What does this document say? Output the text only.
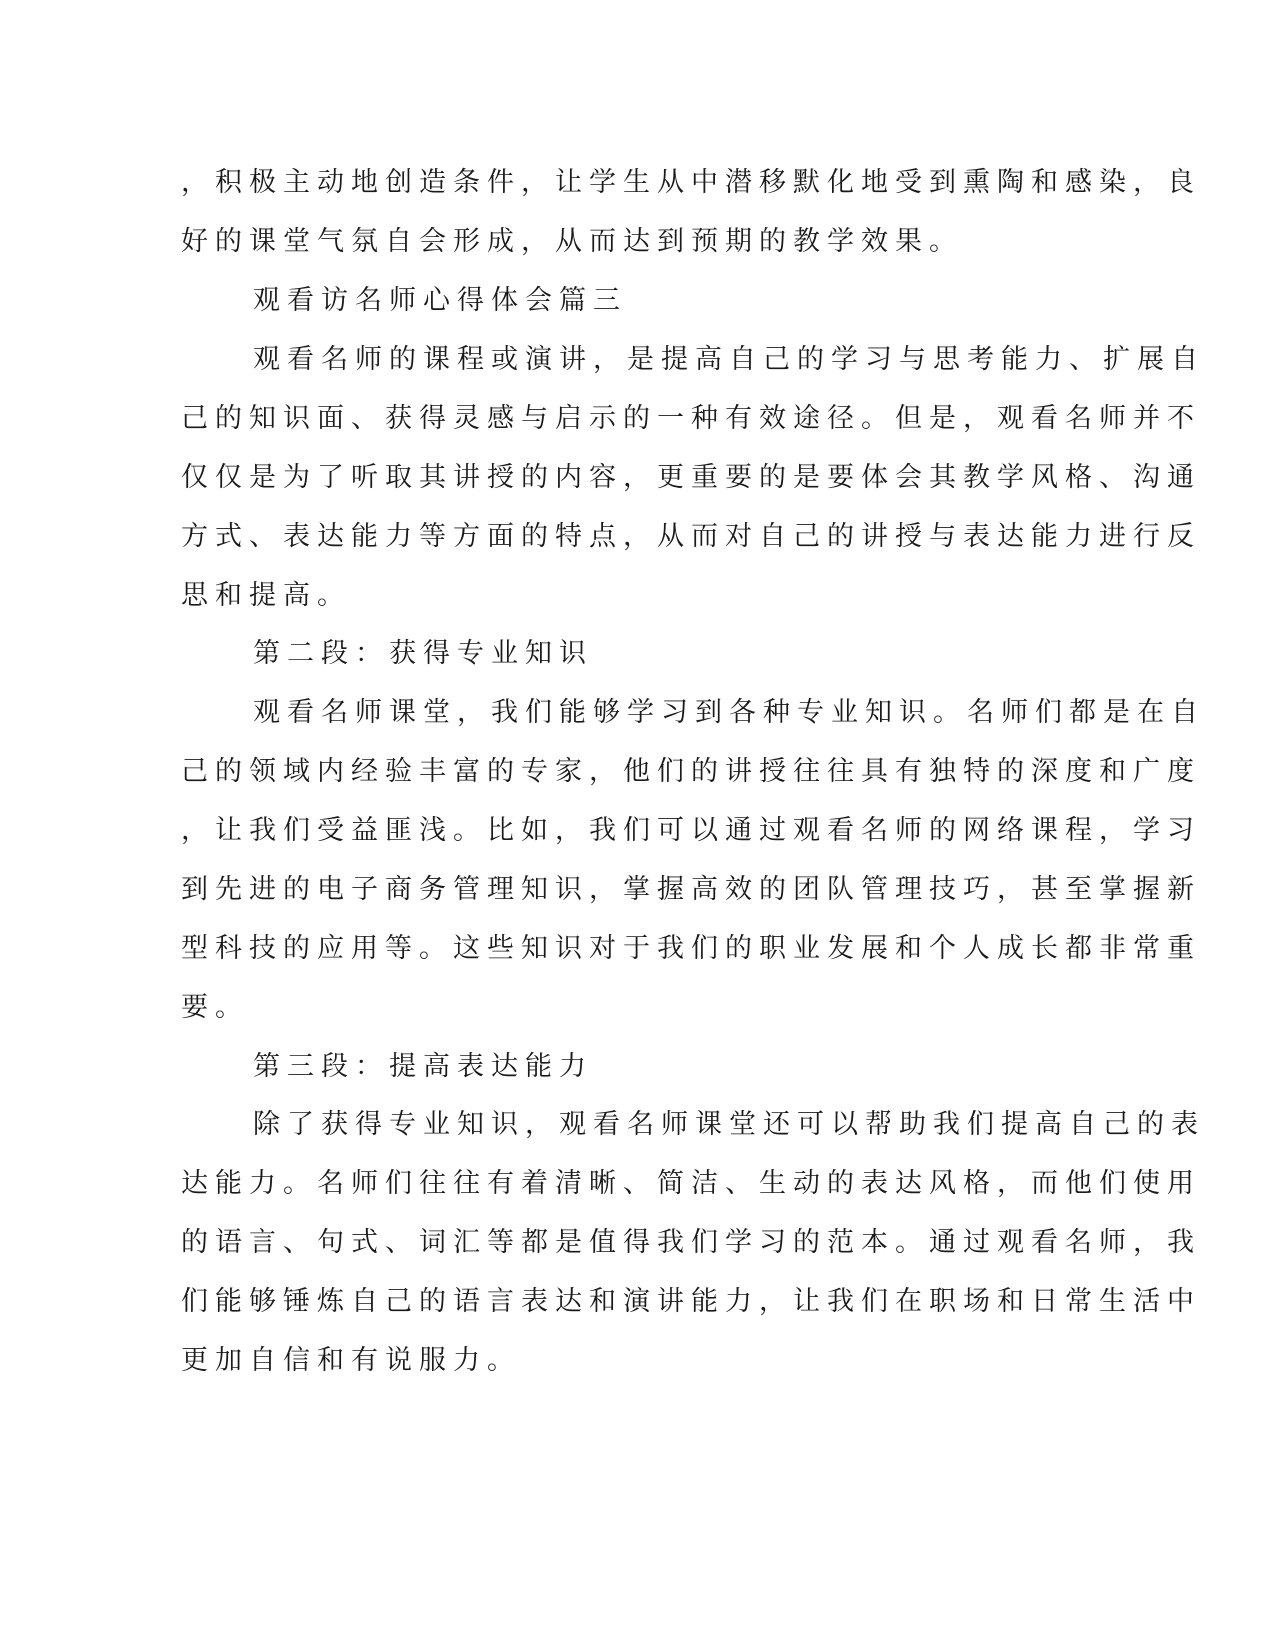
，积极主动地创造条件，让学生从中潜移默化地受到熏陶和感染，良

好的课堂气氛自会形成，从而达到预期的教学效果。

观看访名师心得体会篇三

观看名师的课程或演讲，是提高自己的学习与思考能力、扩展自

己的知识面、获得灵感与启示的一种有效途径。但是，观看名师并不

仅仅是为了听取其讲授的内容，更重要的是要体会其教学风格、沟通

方式、表达能力等方面的特点，从而对自己的讲授与表达能力进行反

思和提高。

第二段：获得专业知识

观看名师课堂，我们能够学习到各种专业知识。名师们都是在自

己的领域内经验丰富的专家，他们的讲授往往具有独特的深度和广度

，让我们受益匪浅。比如，我们可以通过观看名师的网络课程，学习

到先进的电子商务管理知识，掌握高效的团队管理技巧，甚至掌握新

型科技的应用等。这些知识对于我们的职业发展和个人成长都非常重

要。

第三段：提高表达能力

除了获得专业知识，观看名师课堂还可以帮助我们提高自己的表

达能力。名师们往往有着清晰、简洁、生动的表达风格，而他们使用

的语言、句式、词汇等都是值得我们学习的范本。通过观看名师，我

们能够锤炼自己的语言表达和演讲能力，让我们在职场和日常生活中

更加自信和有说服力。
